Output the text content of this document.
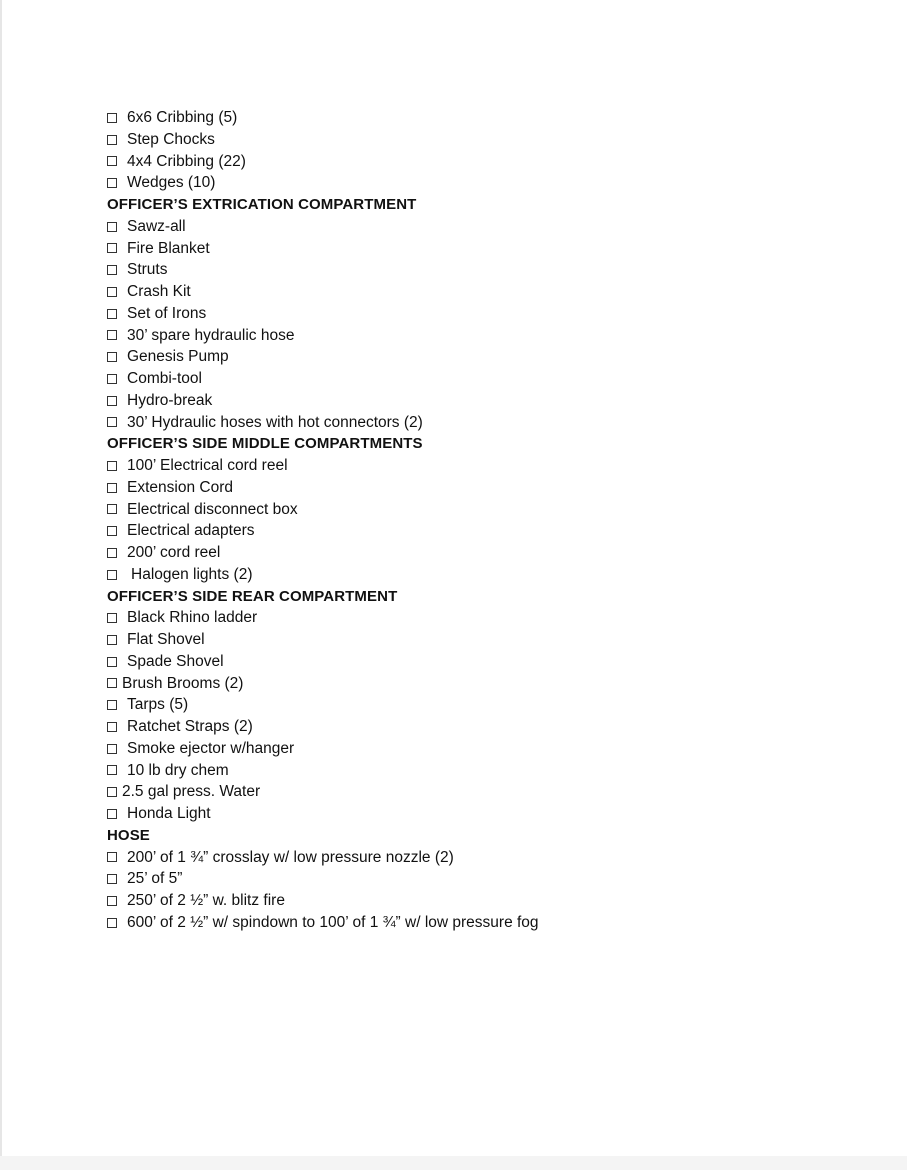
6x6 Cribbing (5)
Step Chocks
4x4 Cribbing (22)
Wedges (10)
OFFICER’S EXTRICATION COMPARTMENT
Sawz-all
Fire Blanket
Struts
Crash Kit
Set of Irons
30’ spare hydraulic hose
Genesis Pump
Combi-tool
Hydro-break
30’ Hydraulic hoses with hot connectors (2)
OFFICER’S SIDE MIDDLE COMPARTMENTS
100’ Electrical cord reel
Extension Cord
Electrical disconnect box
Electrical adapters
200’ cord reel
Halogen lights (2)
OFFICER’S SIDE REAR COMPARTMENT
Black Rhino ladder
Flat Shovel
Spade Shovel
Brush Brooms (2)
Tarps (5)
Ratchet Straps (2)
Smoke ejector w/hanger
10 lb dry chem
2.5 gal press. Water
Honda Light
HOSE
200’ of 1 ¾” crosslay w/ low pressure nozzle (2)
25’ of 5”
250’ of 2 ½” w. blitz fire
600’ of 2 ½” w/ spindown to 100’ of 1 ¾” w/ low pressure fog
